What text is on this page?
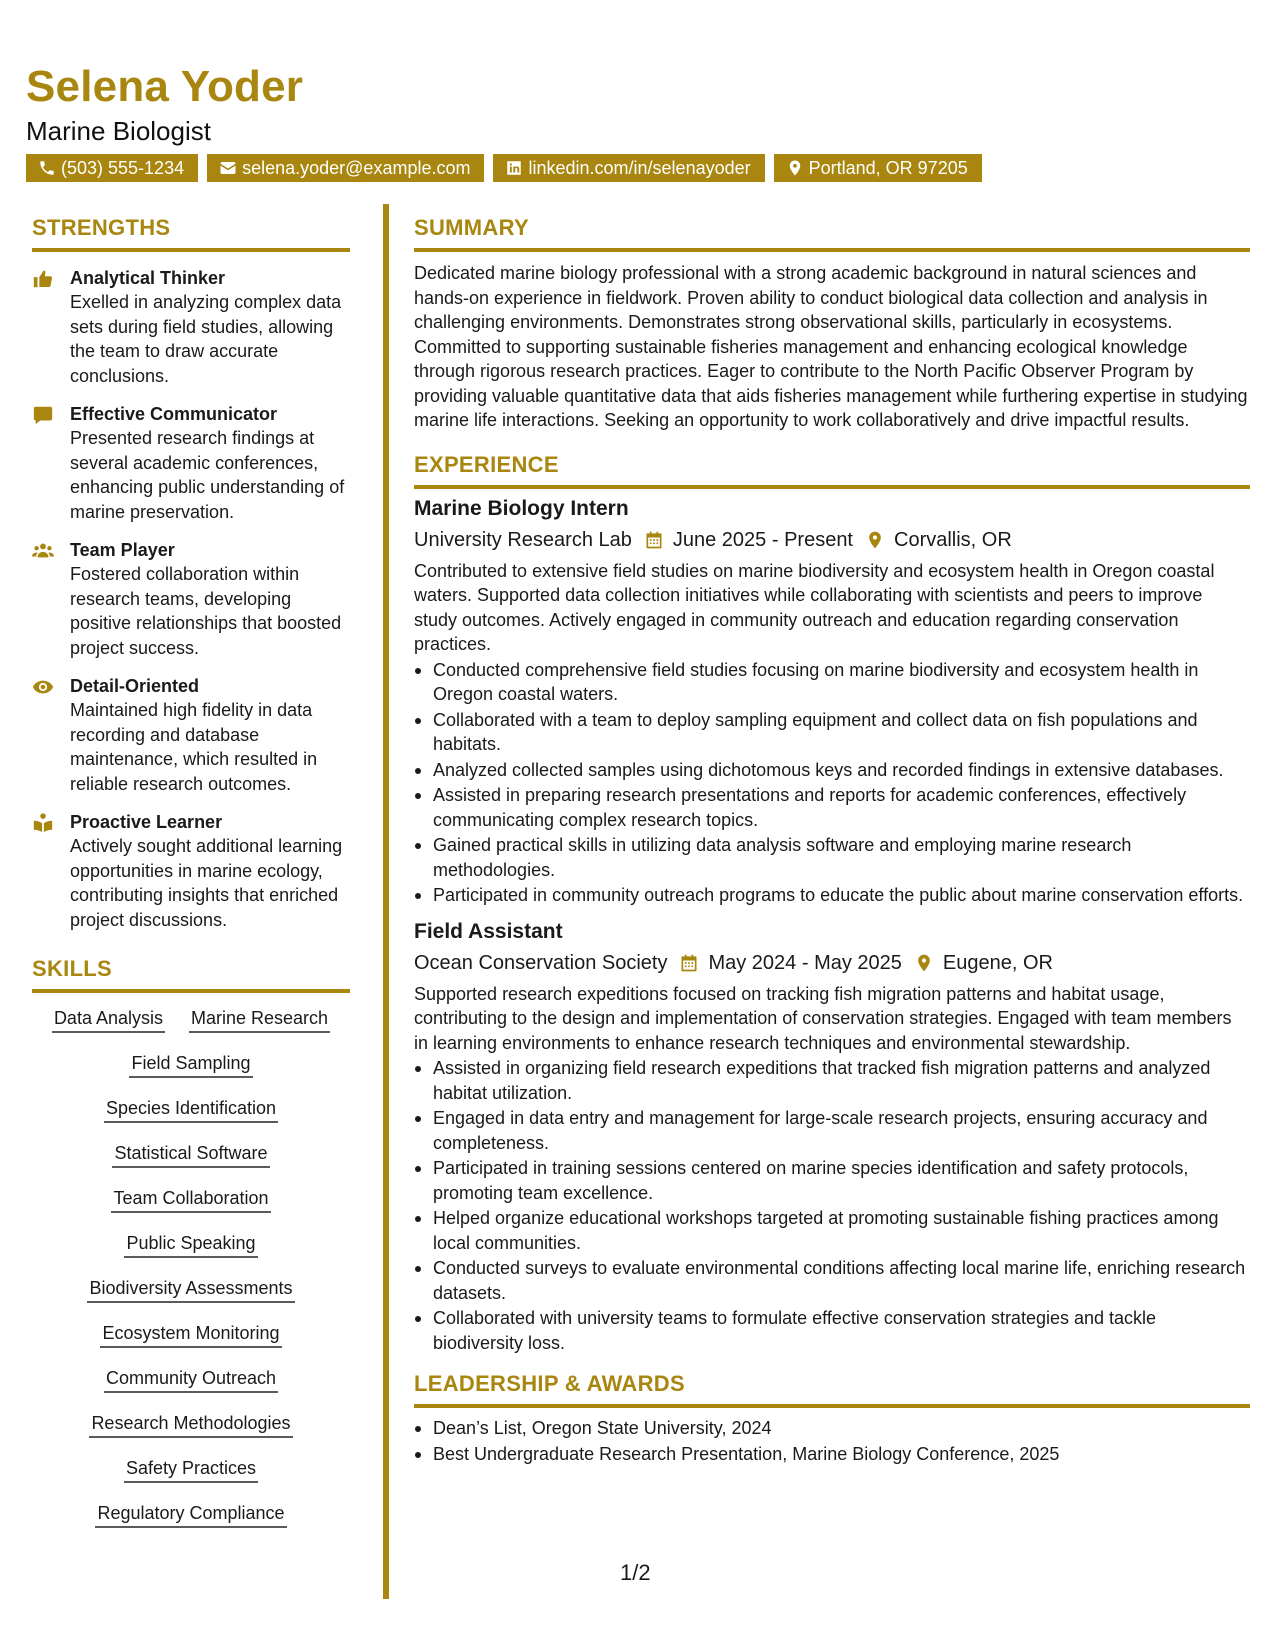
Selena Yoder
Marine Biologist
(503) 555-1234	selena.yoder@example.com	linkedin.com/in/selenayoder	Portland, OR 97205
STRENGTHS
Analytical Thinker
Exelled in analyzing complex data sets during field studies, allowing the team to draw accurate conclusions.
Effective Communicator
Presented research findings at several academic conferences, enhancing public understanding of marine preservation.
Team Player
Fostered collaboration within research teams, developing positive relationships that boosted project success.
Detail-Oriented
Maintained high fidelity in data recording and database maintenance, which resulted in reliable research outcomes.
Proactive Learner
Actively sought additional learning opportunities in marine ecology, contributing insights that enriched project discussions.
SKILLS
Data Analysis Marine Research
Field Sampling
Species Identification
Statistical Software
Team Collaboration
Public Speaking
Biodiversity Assessments
Ecosystem Monitoring
Community Outreach
Research Methodologies
Safety Practices
Regulatory Compliance
SUMMARY
Dedicated marine biology professional with a strong academic background in natural sciences and hands-on experience in fieldwork. Proven ability to conduct biological data collection and analysis in challenging environments. Demonstrates strong observational skills, particularly in ecosystems. Committed to supporting sustainable fisheries management and enhancing ecological knowledge through rigorous research practices. Eager to contribute to the North Pacific Observer Program by providing valuable quantitative data that aids fisheries management while furthering expertise in studying marine life interactions. Seeking an opportunity to work collaboratively and drive impactful results.
EXPERIENCE
Marine Biology Intern
University Research Lab June 2025 - Present Corvallis, OR
Contributed to extensive field studies on marine biodiversity and ecosystem health in Oregon coastal waters. Supported data collection initiatives while collaborating with scientists and peers to improve study outcomes. Actively engaged in community outreach and education regarding conservation practices.
Conducted comprehensive field studies focusing on marine biodiversity and ecosystem health in Oregon coastal waters.
Collaborated with a team to deploy sampling equipment and collect data on fish populations and habitats.
Analyzed collected samples using dichotomous keys and recorded findings in extensive databases.
Assisted in preparing research presentations and reports for academic conferences, effectively communicating complex research topics.
Gained practical skills in utilizing data analysis software and employing marine research methodologies.
Participated in community outreach programs to educate the public about marine conservation efforts.
Field Assistant
Ocean Conservation Society May 2024 - May 2025 Eugene, OR
Supported research expeditions focused on tracking fish migration patterns and habitat usage, contributing to the design and implementation of conservation strategies. Engaged with team members in learning environments to enhance research techniques and environmental stewardship.
Assisted in organizing field research expeditions that tracked fish migration patterns and analyzed habitat utilization.
Engaged in data entry and management for large-scale research projects, ensuring accuracy and completeness.
Participated in training sessions centered on marine species identification and safety protocols, promoting team excellence.
Helped organize educational workshops targeted at promoting sustainable fishing practices among local communities.
Conducted surveys to evaluate environmental conditions affecting local marine life, enriching research datasets.
Collaborated with university teams to formulate effective conservation strategies and tackle biodiversity loss.
LEADERSHIP & AWARDS
Dean’s List, Oregon State University, 2024
Best Undergraduate Research Presentation, Marine Biology Conference, 2025
1/2
